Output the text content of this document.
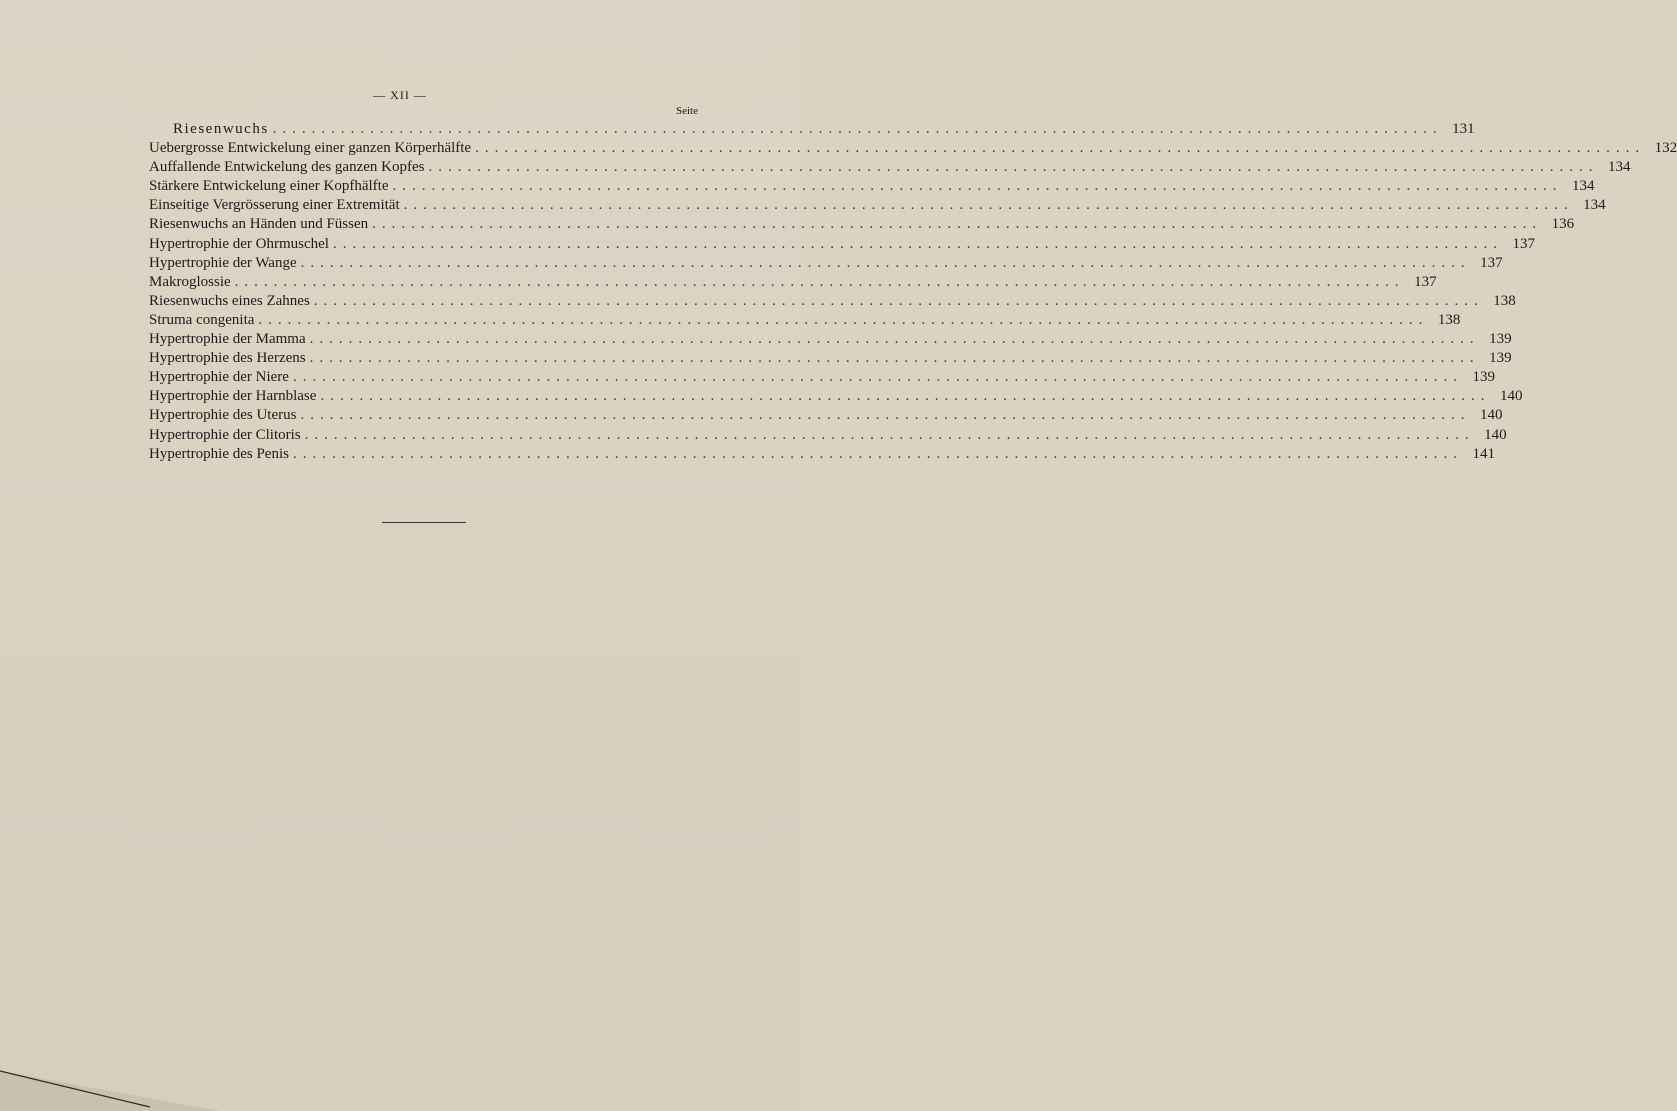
— XII —
Seite
Riesenwuchs ........................................................................................................................ 131
Uebergrosse Entwickelung einer ganzen Körperhälfte ........................................................................................................................ 132
Auffallende Entwickelung des ganzen Kopfes ........................................................................................................................ 134
Stärkere Entwickelung einer Kopfhälfte ........................................................................................................................ 134
Einseitige Vergrösserung einer Extremität ........................................................................................................................ 134
Riesenwuchs an Händen und Füssen ........................................................................................................................ 136
Hypertrophie der Ohrmuschel ........................................................................................................................ 137
Hypertrophie der Wange ........................................................................................................................ 137
Makroglossie ........................................................................................................................ 137
Riesenwuchs eines Zahnes ........................................................................................................................ 138
Struma congenita ........................................................................................................................ 138
Hypertrophie der Mamma ........................................................................................................................ 139
Hypertrophie des Herzens ........................................................................................................................ 139
Hypertrophie der Niere ........................................................................................................................ 139
Hypertrophie der Harnblase ........................................................................................................................ 140
Hypertrophie des Uterus ........................................................................................................................ 140
Hypertrophie der Clitoris ........................................................................................................................ 140
Hypertrophie des Penis ........................................................................................................................ 141
